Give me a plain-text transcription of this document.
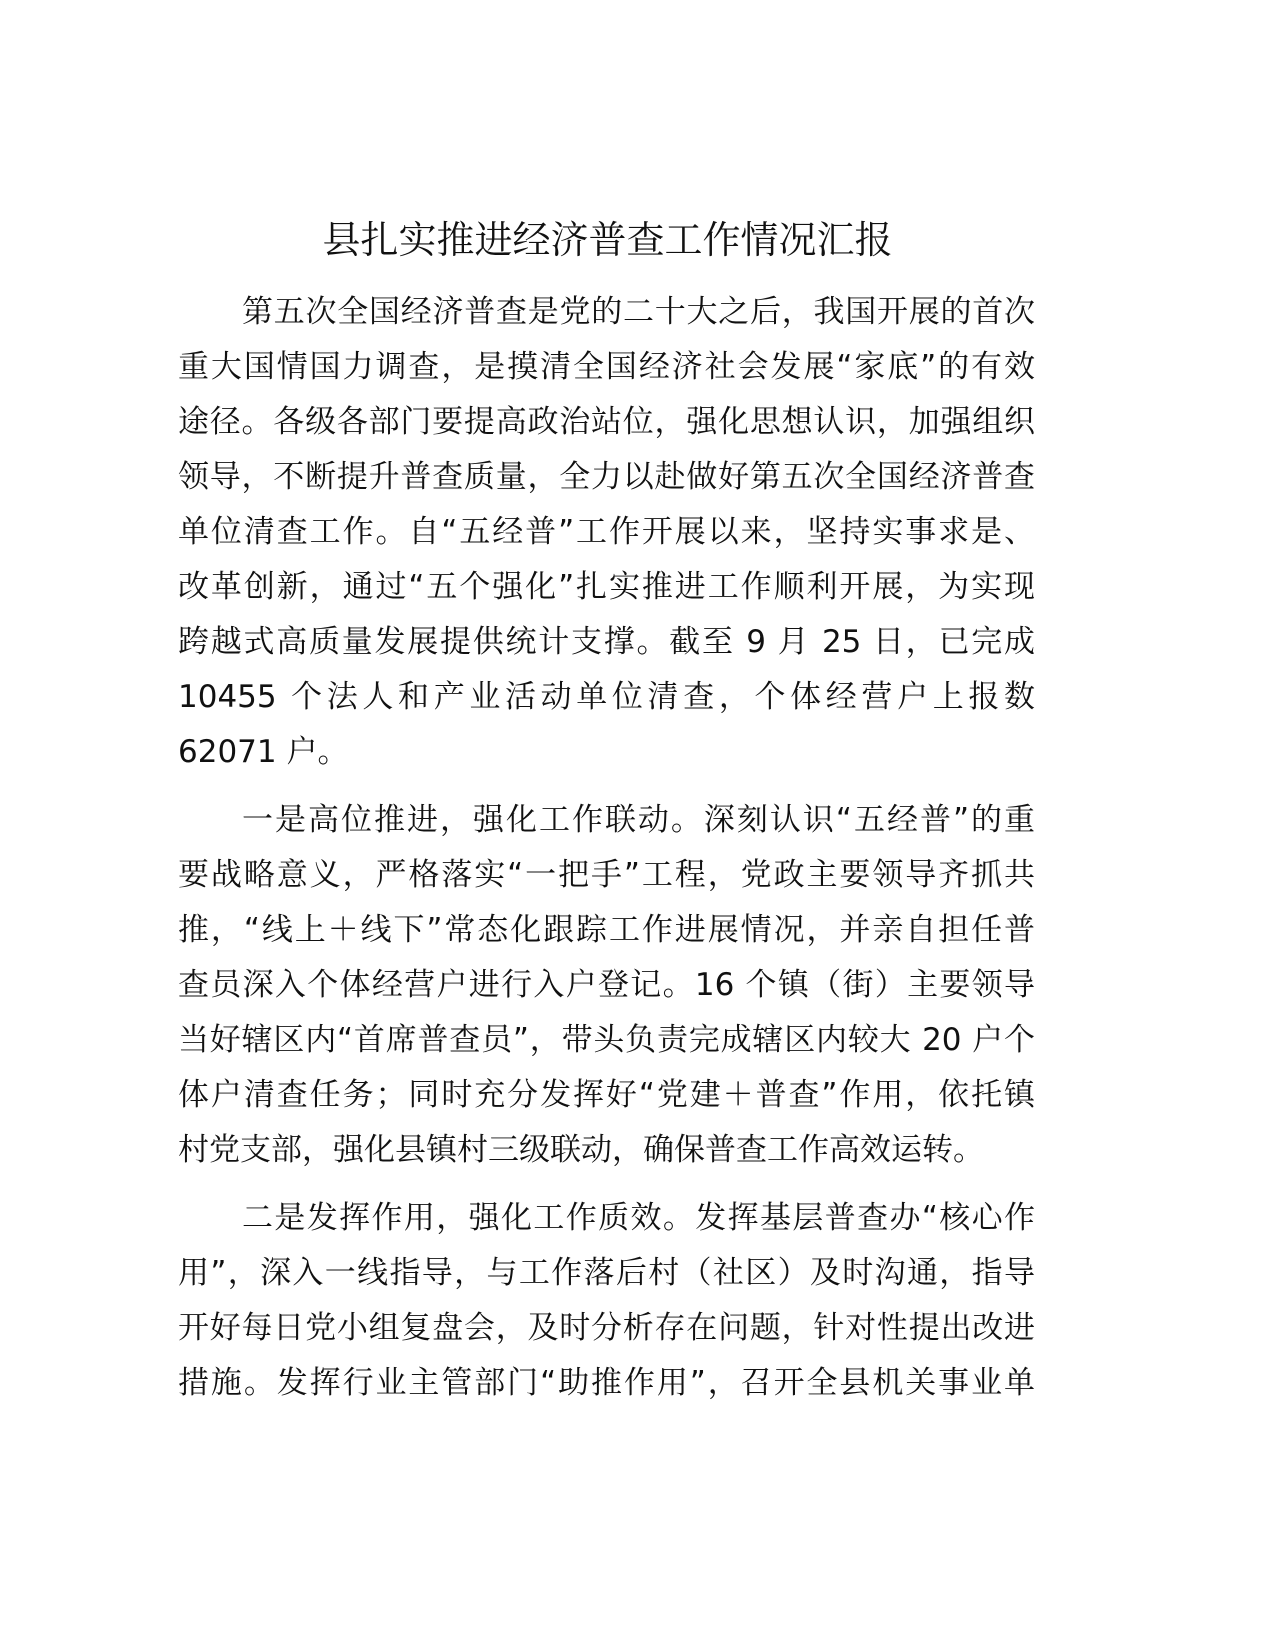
县扎实推进经济普查工作情况汇报
第五次全国经济普查是党的二十大之后，我国开展的首次
重大国情国力调查，是摸清全国经济社会发展“家底”的有效
途径。各级各部门要提高政治站位，强化思想认识，加强组织
领导，不断提升普查质量，全力以赴做好第五次全国经济普查
单位清查工作。自“五经普”工作开展以来，坚持实事求是、
改革创新，通过“五个强化”扎实推进工作顺利开展，为实现
跨越式高质量发展提供统计支撑。截至 9 月 25 日，已完成
10455 个法人和产业活动单位清查，个体经营户上报数
62071 户。
一是高位推进，强化工作联动。深刻认识“五经普”的重
要战略意义，严格落实“一把手”工程，党政主要领导齐抓共
推，“线上＋线下”常态化跟踪工作进展情况，并亲自担任普
查员深入个体经营户进行入户登记。16 个镇（街）主要领导
当好辖区内“首席普查员”，带头负责完成辖区内较大 20 户个
体户清查任务；同时充分发挥好“党建＋普查”作用，依托镇
村党支部，强化县镇村三级联动，确保普查工作高效运转。
二是发挥作用，强化工作质效。发挥基层普查办“核心作
用”，深入一线指导，与工作落后村（社区）及时沟通，指导
开好每日党小组复盘会，及时分析存在问题，针对性提出改进
措施。发挥行业主管部门“助推作用”，召开全县机关事业单
